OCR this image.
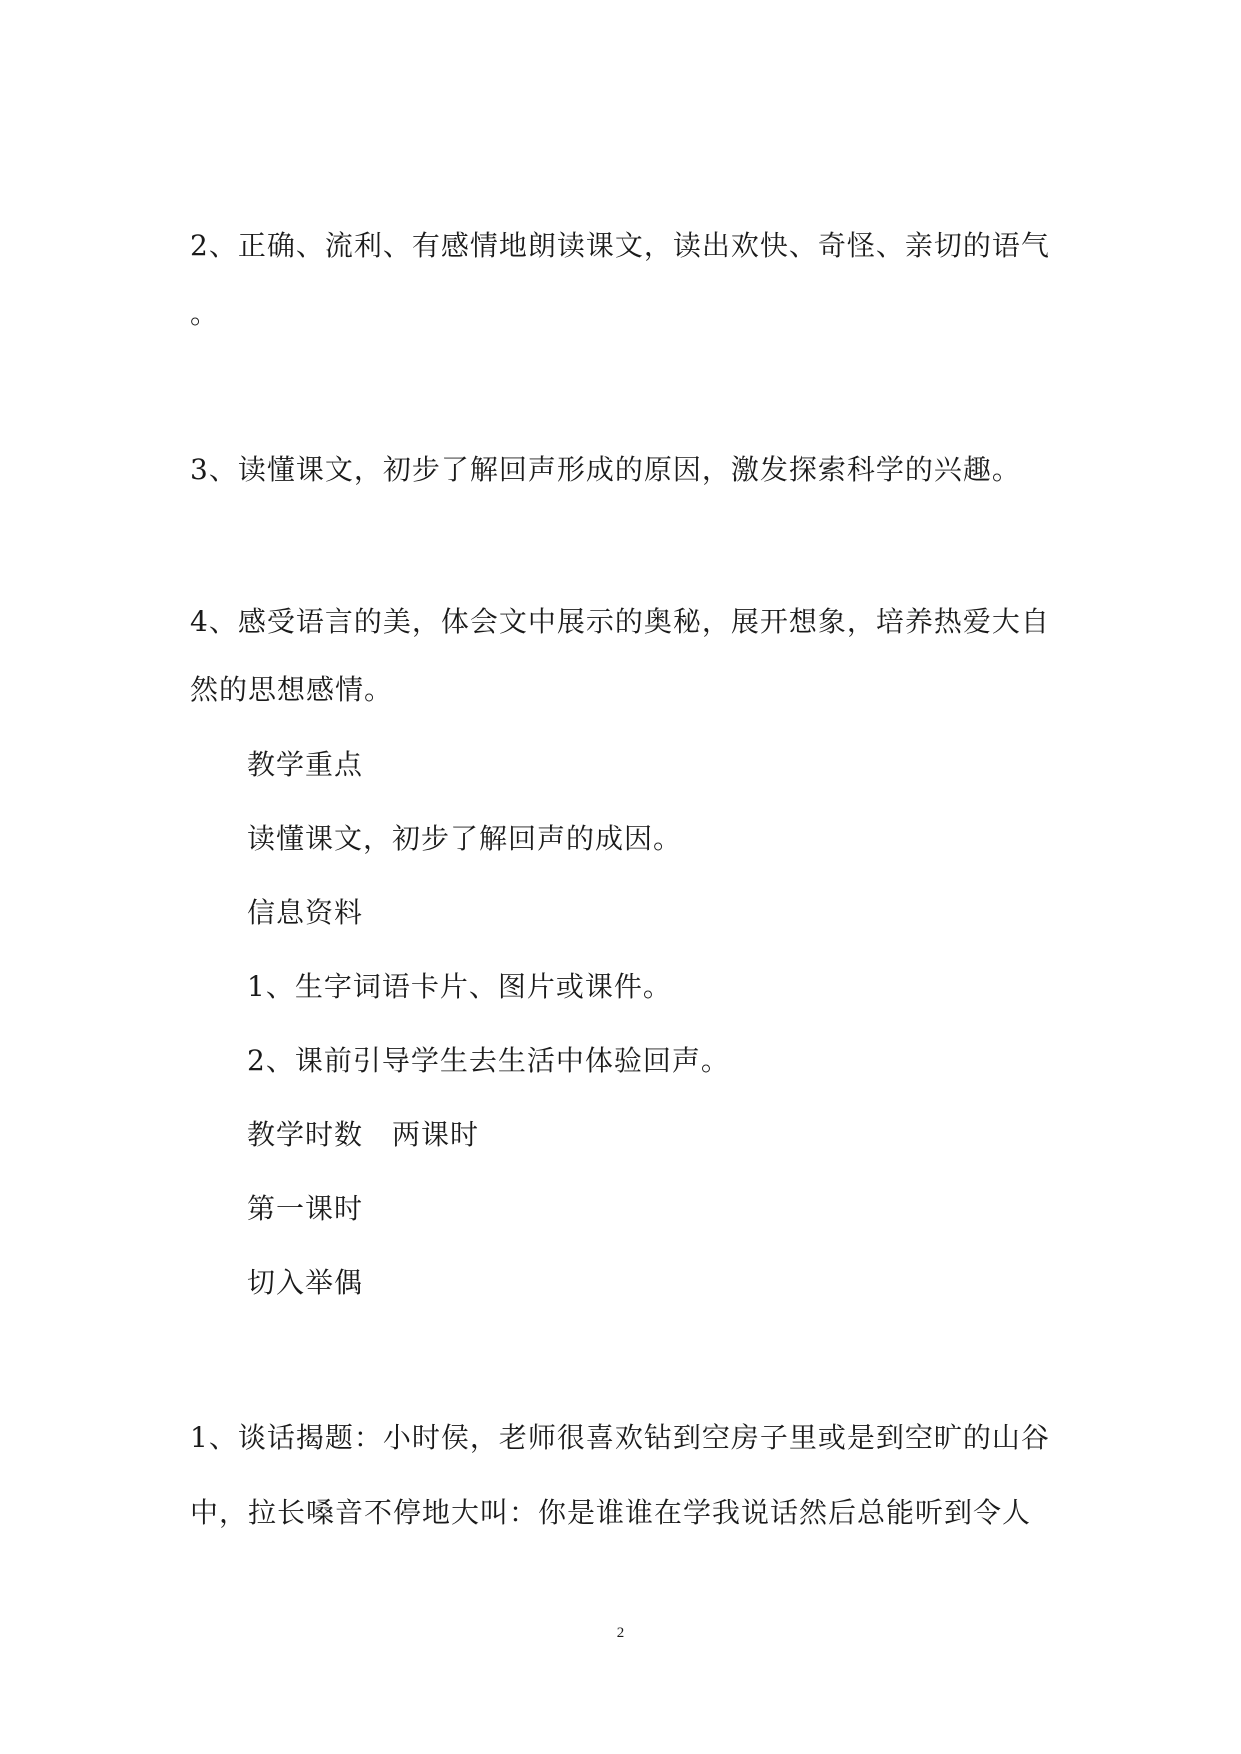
2、正确、流利、有感情地朗读课文，读出欢快、奇怪、亲切的语气
。
3、读懂课文，初步了解回声形成的原因，激发探索科学的兴趣。
4、感受语言的美，体会文中展示的奥秘，展开想象，培养热爱大自
然的思想感情。
教学重点
读懂课文，初步了解回声的成因。
信息资料
1、生字词语卡片、图片或课件。
2、课前引导学生去生活中体验回声。
教学时数　两课时
第一课时
切入举偶
1、谈话揭题：小时侯，老师很喜欢钻到空房子里或是到空旷的山谷
中，拉长嗓音不停地大叫：你是谁谁在学我说话然后总能听到令人
2
